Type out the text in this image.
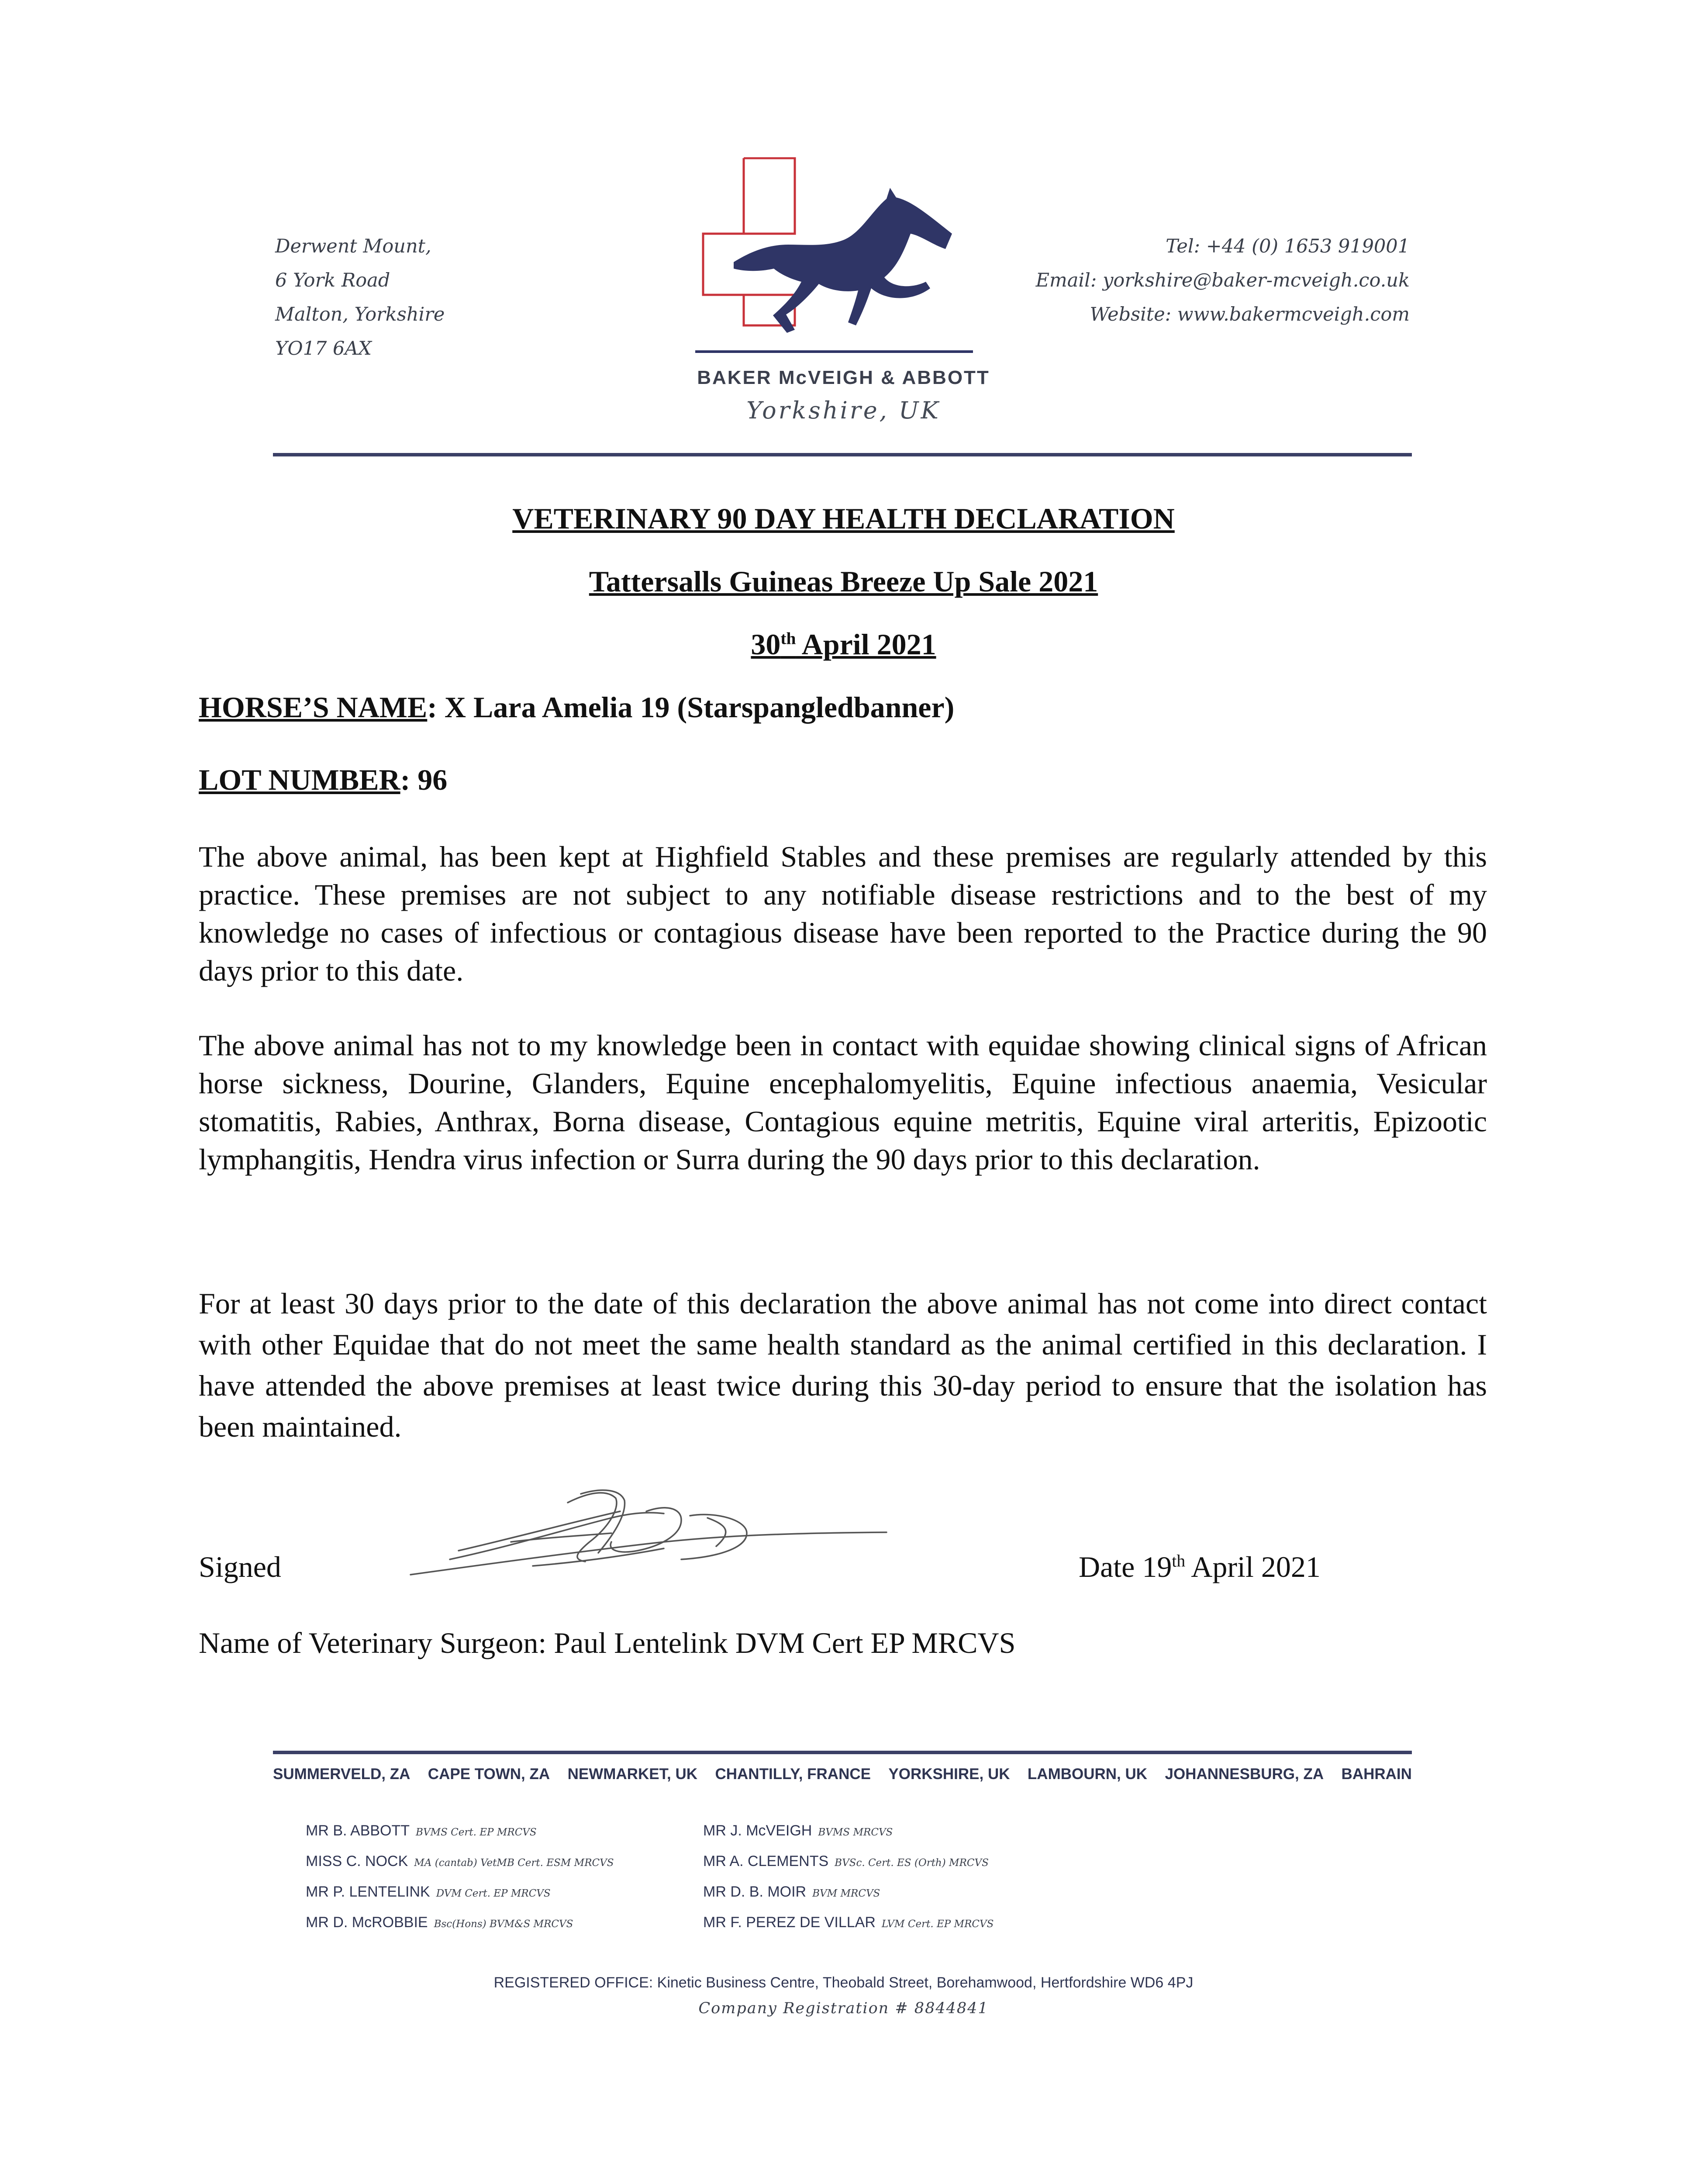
Derwent Mount,
6 York Road
Malton, Yorkshire
YO17 6AX
BAKER McVEIGH & ABBOTT
Yorkshire, UK
Tel: +44 (0) 1653 919001
Email: yorkshire@baker-mcveigh.co.uk
Website: www.bakermcveigh.com
VETERINARY 90 DAY HEALTH DECLARATION
Tattersalls Guineas Breeze Up Sale 2021
30th April 2021
HORSE’S NAME: X Lara Amelia 19 (Starspangledbanner)
LOT NUMBER: 96
The above animal, has been kept at Highfield Stables and these premises are regularly attended by this practice. These premises are not subject to any notifiable disease restrictions and to the best of my knowledge no cases of infectious or contagious disease have been reported to the Practice during the 90 days prior to this date.
The above animal has not to my knowledge been in contact with equidae showing clinical signs of African horse sickness, Dourine, Glanders, Equine encephalomyelitis, Equine infectious anaemia, Vesicular stomatitis, Rabies, Anthrax, Borna disease, Contagious equine metritis, Equine viral arteritis, Epizootic lymphangitis, Hendra virus infection or Surra during the 90 days prior to this declaration.
For at least 30 days prior to the date of this declaration the above animal has not come into direct contact with other Equidae that do not meet the same health standard as the animal certified in this declaration. I have attended the above premises at least twice during this 30-day period to ensure that the isolation has been maintained.
Signed	Date 19th April 2021
Name of Veterinary Surgeon: Paul Lentelink DVM Cert EP MRCVS
SUMMERVELD, ZA CAPE TOWN, ZA NEWMARKET, UK CHANTILLY, FRANCE YORKSHIRE, UK LAMBOURN, UK JOHANNESBURG, ZA BAHRAIN
MR B. ABBOTT BVMS Cert. EP MRCVS
MISS C. NOCK MA (cantab) VetMB Cert. ESM MRCVS
MR P. LENTELINK DVM Cert. EP MRCVS
MR D. McROBBIE Bsc(Hons) BVM&S MRCVS
MR J. McVEIGH BVMS MRCVS
MR A. CLEMENTS BVSc. Cert. ES (Orth) MRCVS
MR D. B. MOIR BVM MRCVS
MR F. PEREZ DE VILLAR LVM Cert. EP MRCVS
REGISTERED OFFICE: Kinetic Business Centre, Theobald Street, Borehamwood, Hertfordshire WD6 4PJ
Company Registration # 8844841
